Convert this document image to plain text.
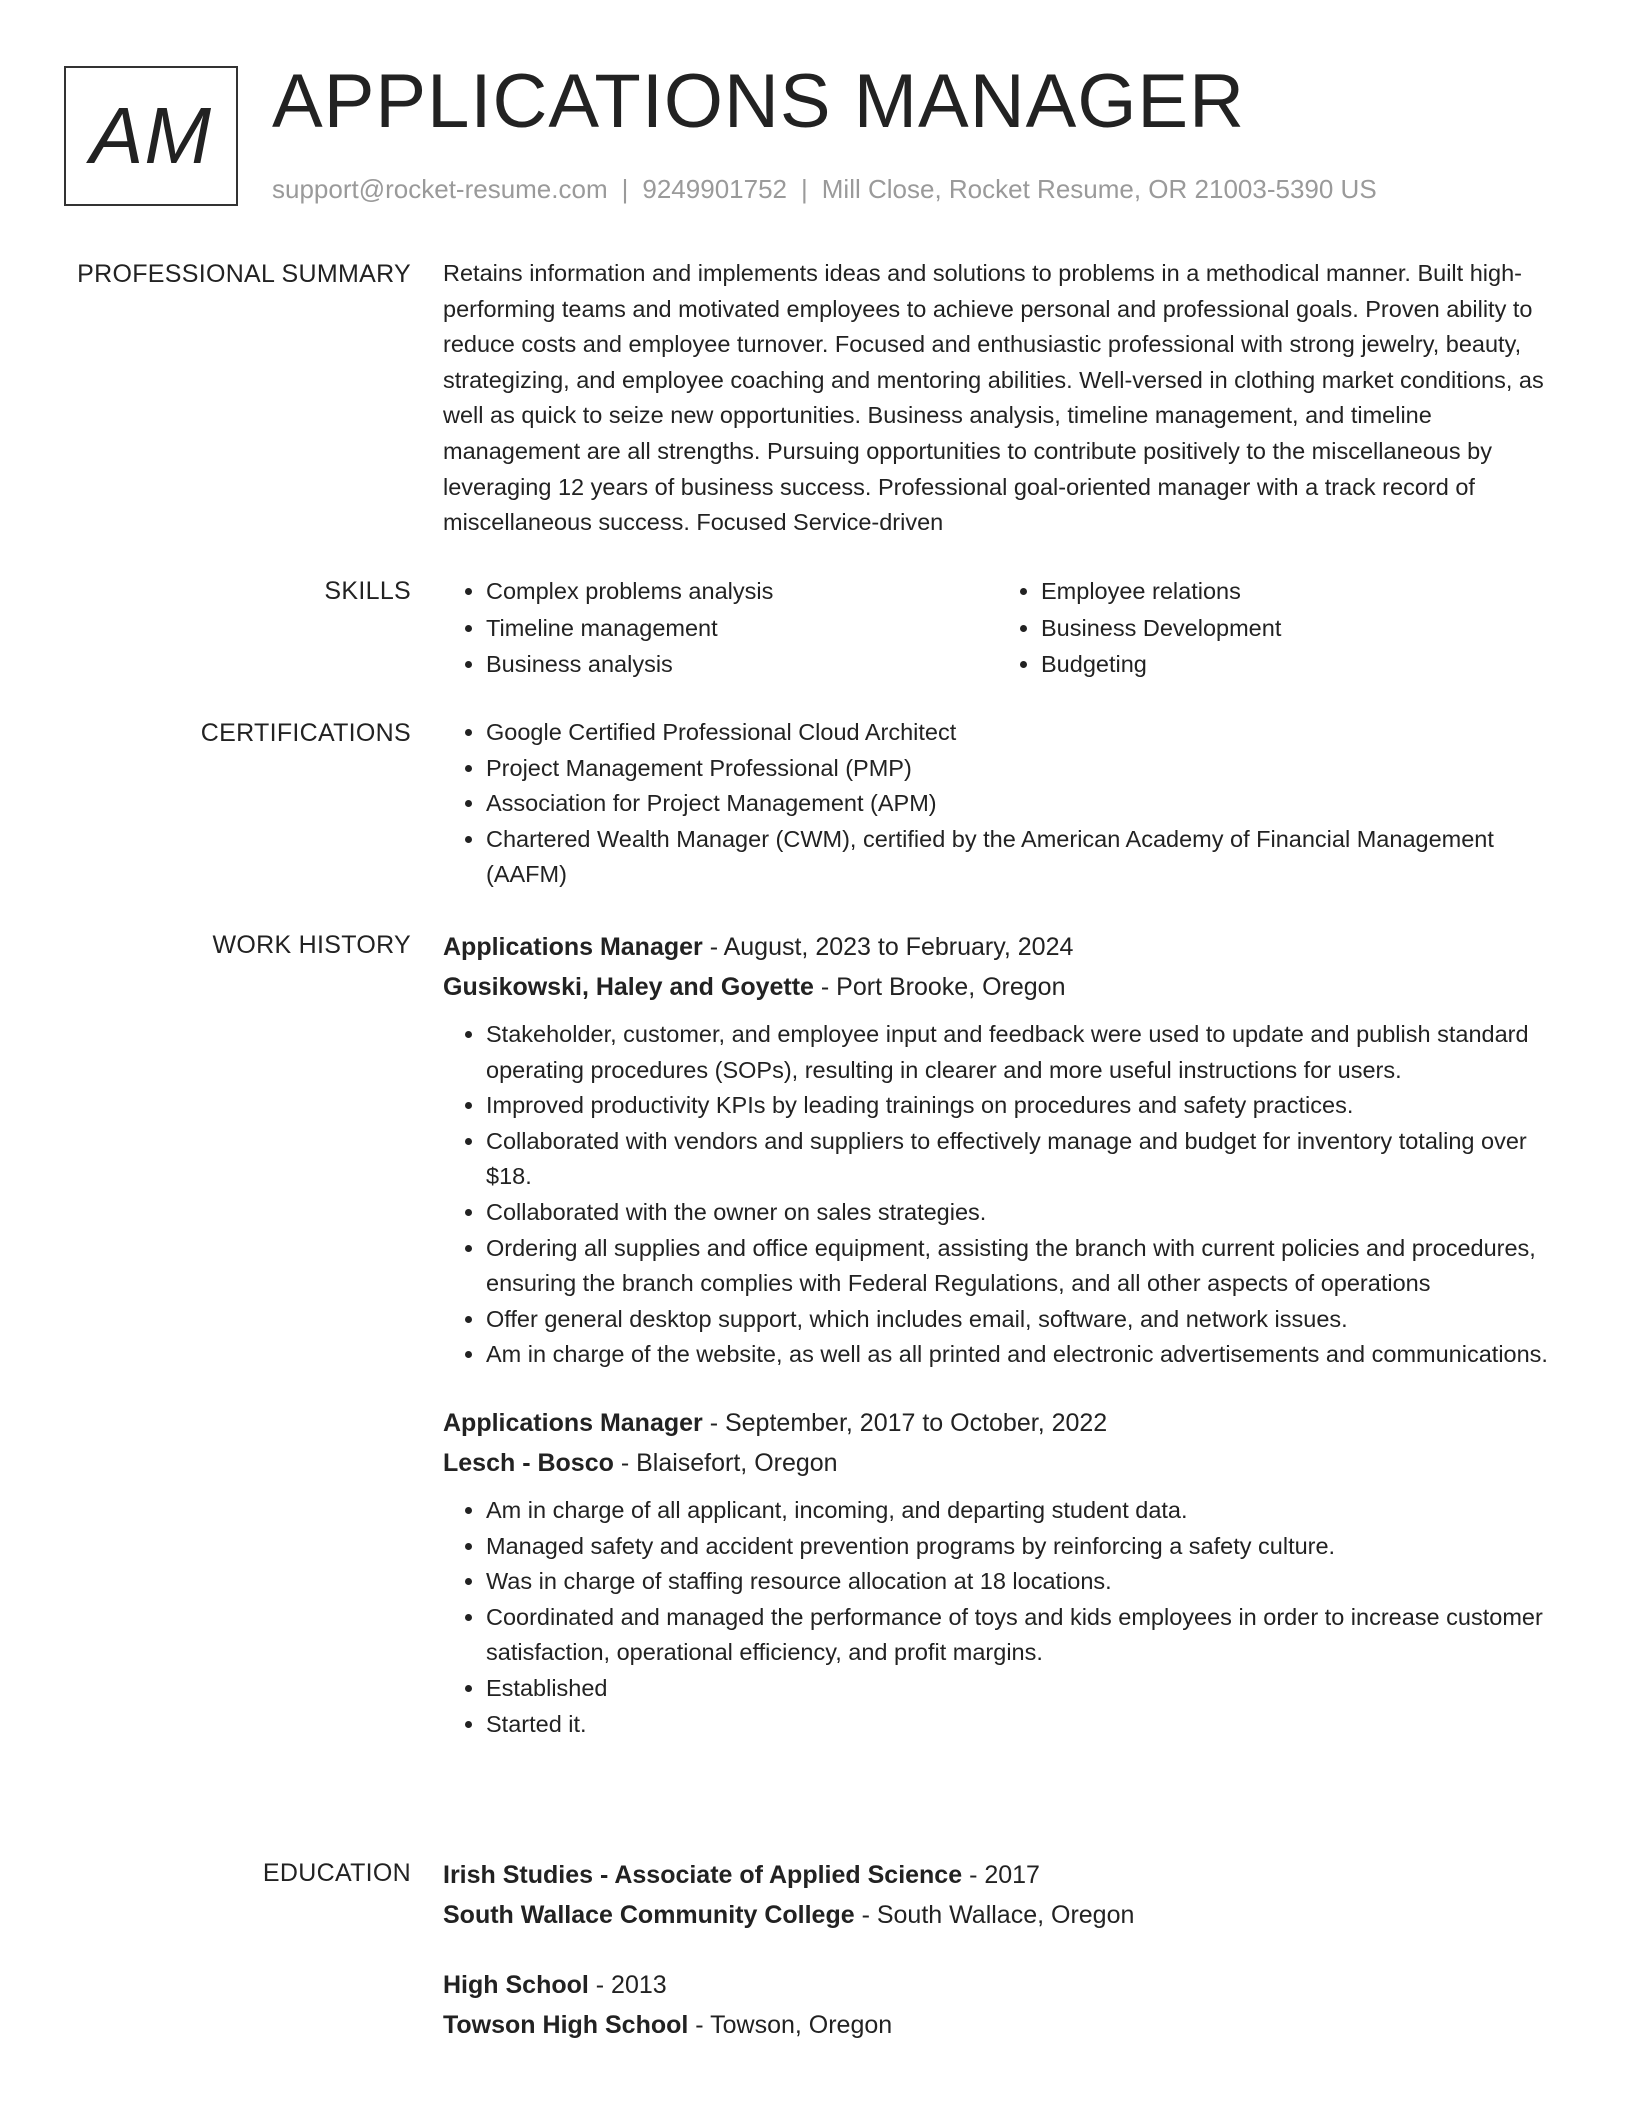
AM APPLICATIONS MANAGER
support@rocket-resume.com | 9249901752 | Mill Close, Rocket Resume, OR 21003-5390 US
PROFESSIONAL SUMMARY Retains information and implements ideas and solutions to problems in a methodical manner. Built high-performing teams and motivated employees to achieve personal and professional goals. Proven ability to reduce costs and employee turnover. Focused and enthusiastic professional with strong jewelry, beauty, strategizing, and employee coaching and mentoring abilities. Well-versed in clothing market conditions, as well as quick to seize new opportunities. Business analysis, timeline management, and timeline management are all strengths. Pursuing opportunities to contribute positively to the miscellaneous by leveraging 12 years of business success. Professional goal-oriented manager with a track record of miscellaneous success. Focused Service-driven

SKILLS	• Complex problems analysis
• Timeline management
• Business analysis
• Employee relations
• Business Development
• Budgeting
CERTIFICATIONS	• Google Certified Professional Cloud Architect
• Project Management Professional (PMP)
• Association for Project Management (APM)
• Chartered Wealth Manager (CWM), certified by the American Academy of Financial Management (AAFM)
WORK HISTORY Applications Manager - August, 2023 to February, 2024
Gusikowski, Haley and Goyette - Port Brooke, Oregon
• Stakeholder, customer, and employee input and feedback were used to update and publish standard operating procedures (SOPs), resulting in clearer and more useful instructions for users.
• Improved productivity KPIs by leading trainings on procedures and safety practices.
• Collaborated with vendors and suppliers to effectively manage and budget for inventory totaling over $18.
• Collaborated with the owner on sales strategies.
• Ordering all supplies and office equipment, assisting the branch with current policies and procedures, ensuring the branch complies with Federal Regulations, and all other aspects of operations
• Offer general desktop support, which includes email, software, and network issues.
• Am in charge of the website, as well as all printed and electronic advertisements and communications.
Applications Manager - September, 2017 to October, 2022
Lesch - Bosco - Blaisefort, Oregon
• Am in charge of all applicant, incoming, and departing student data.
• Managed safety and accident prevention programs by reinforcing a safety culture.
• Was in charge of staffing resource allocation at 18 locations.
• Coordinated and managed the performance of toys and kids employees in order to increase customer satisfaction, operational efficiency, and profit margins.
• Established
• Started it.
EDUCATION Irish Studies - Associate of Applied Science - 2017
South Wallace Community College - South Wallace, Oregon
High School - 2013
Towson High School - Towson, Oregon
